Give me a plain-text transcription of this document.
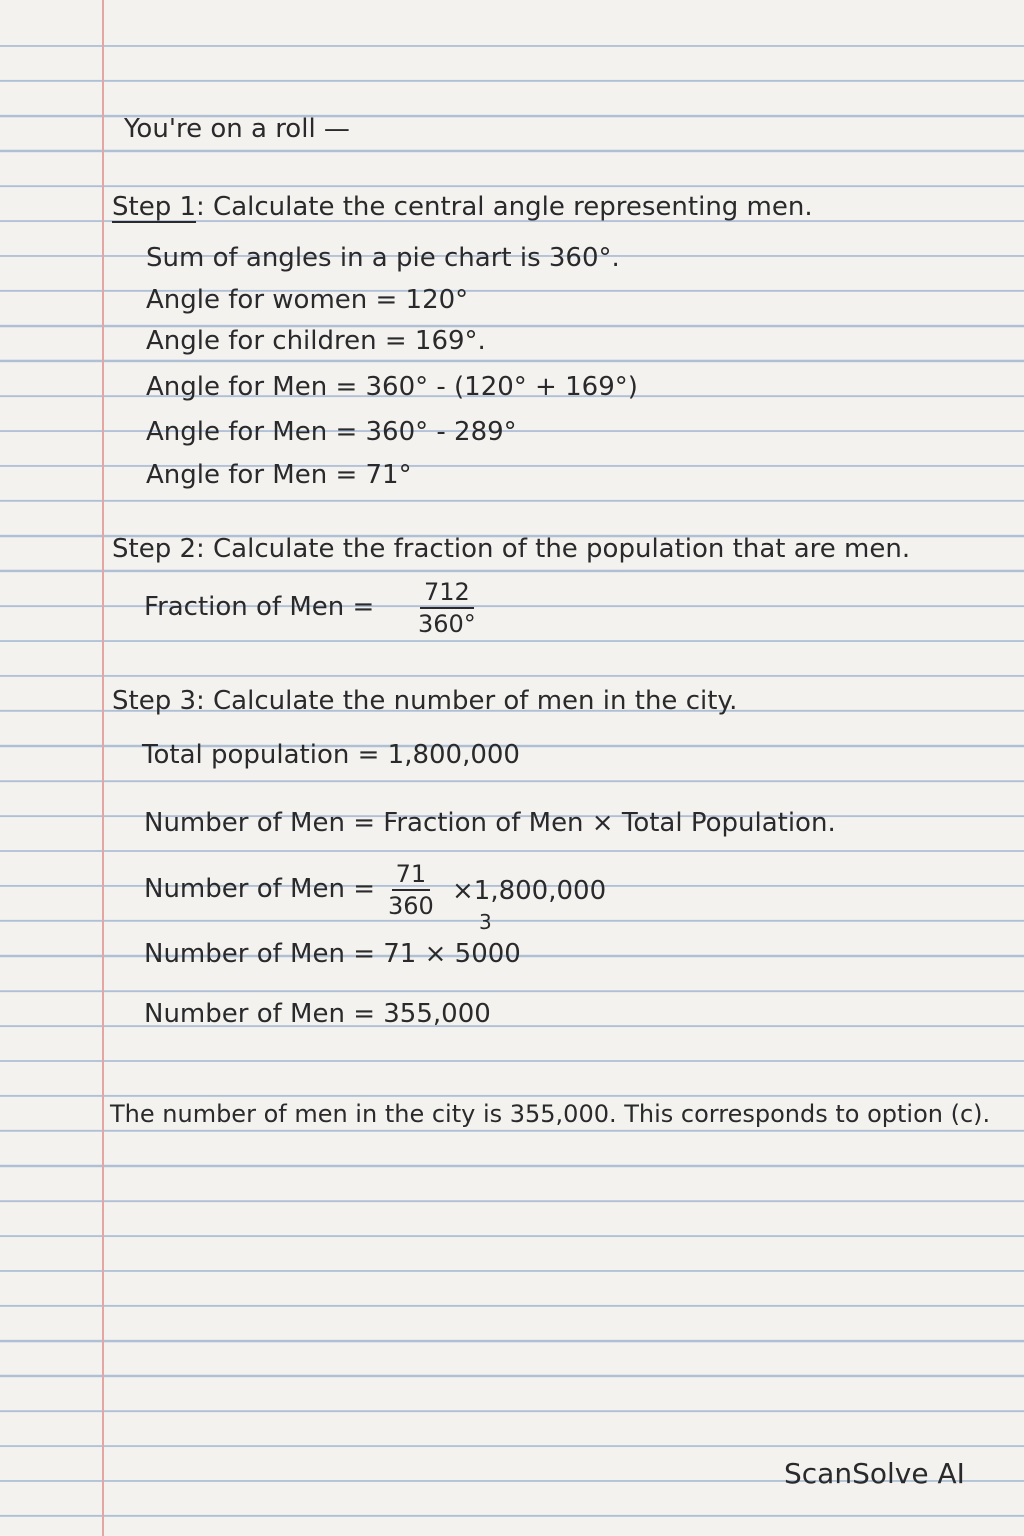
You're on a roll —
Step 1: Calculate the central angle representing men.
Sum of angles in a pie chart is 360°.
Angle for women = 120°
Angle for children = 169°.
Angle for Men = 360° - (120° + 169°)
Angle for Men = 360° - 289°
Angle for Men = 71°
Step 2: Calculate the fraction of the population that are men.
Fraction of Men = $\frac{712}{360^\circ}$
Step 3: Calculate the number of men in the city.
Total population = 1,800,000
Number of Men = Fraction of Men × Total Population.
Number of Men = $\frac{71}{360} \times 1,800,000$
3
Number of Men = 71 × 5000
Number of Men = 355,000
The number of men in the city is 355,000. This corresponds to option (c).
ScanSolve AI
